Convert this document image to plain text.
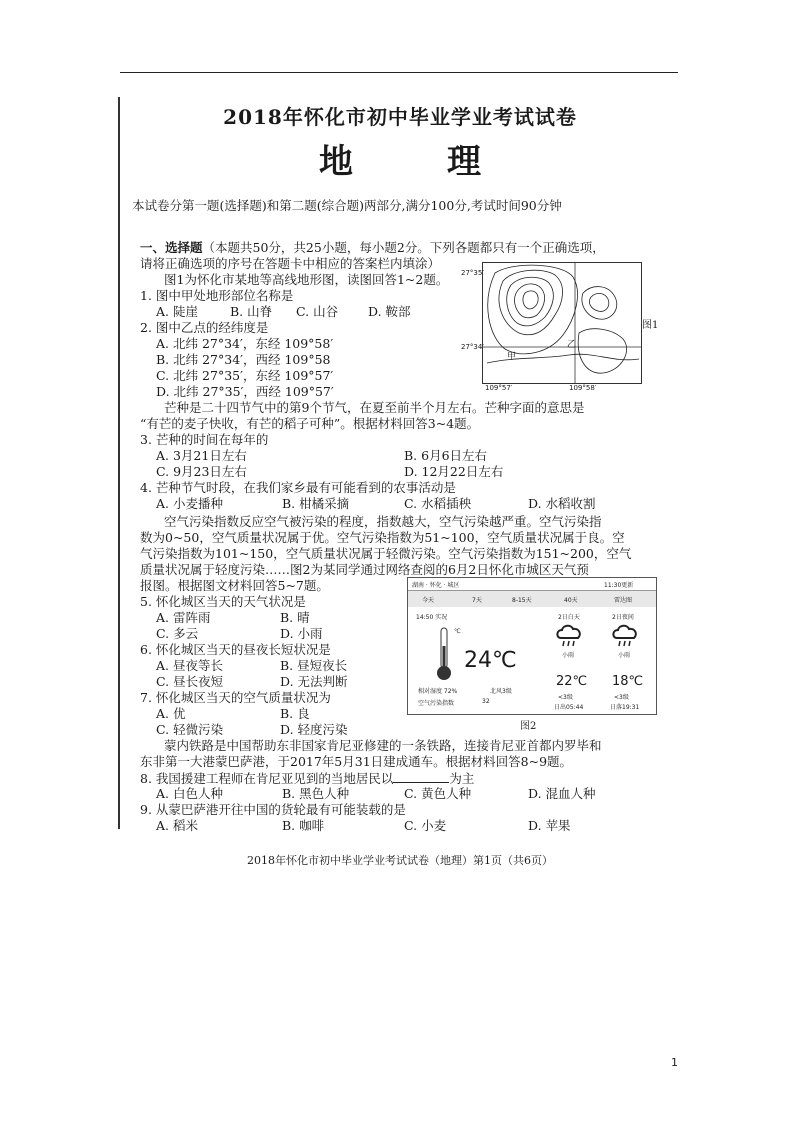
2018年怀化市初中毕业学业考试试卷
地　理
本试卷分第一题(选择题)和第二题(综合题)两部分,满分100分,考试时间90分钟
一、选择题（本题共50分，共25小题，每小题2分。下列各题都只有一个正确选项，
请将正确选项的序号在答题卡中相应的答案栏内填涂）
图1为怀化市某地等高线地形图，读图回答1~2题。
1. 图中甲处地形部位名称是
A. 陡崖	B. 山脊 C. 山谷 D. 鞍部
2. 图中乙点的经纬度是
A. 北纬 27°34′，东经 109°58′
B. 北纬 27°34′，西经 109°58
C. 北纬 27°35′，东经 109°57′
D. 北纬 27°35′，西经 109°57′
27°35′
27°34′
109°57′	109°58′
甲
乙
图1
芒种是二十四节气中的第9个节气，在夏至前半个月左右。芒种字面的意思是
“有芒的麦子快收，有芒的稻子可种”。根据材料回答3~4题。
3. 芒种的时间在每年的
A. 3月21日左右	B. 6月6日左右
C. 9月23日左右	D. 12月22日左右
4. 芒种节气时段，在我们家乡最有可能看到的农事活动是
A. 小麦播种	B. 柑橘采摘	C. 水稻插秧	D. 水稻收割
空气污染指数反应空气被污染的程度，指数越大，空气污染越严重。空气污染指
数为0~50，空气质量状况属于优。空气污染指数为51~100，空气质量状况属于良。空
气污染指数为101~150，空气质量状况属于轻微污染。空气污染指数为151~200，空气
质量状况属于轻度污染……图2为某同学通过网络查阅的6月2日怀化市城区天气预
报图。根据图文材料回答5~7题。
5. 怀化城区当天的天气状况是
A. 雷阵雨	B. 晴
C. 多云	D. 小雨
6. 怀化城区当天的昼夜长短状况是
A. 昼夜等长	B. 昼短夜长
C. 昼长夜短	D. 无法判断
7. 怀化城区当天的空气质量状况为
A. 优	B. 良
C. 轻微污染	D. 轻度污染
湖南 · 怀化 · 城区	11:30更新
今天	7天	8-15天	40天	雷达图
14:50 实况	2日白天	2日夜间
℃
24℃	小雨	小雨
22℃ 18℃
相对湿度 72%	北风3级
空气污染指数	32
<3级	<3级
日出05:44	日落19:31
图2
蒙内铁路是中国帮助东非国家肯尼亚修建的一条铁路，连接肯尼亚首都内罗毕和
东非第一大港蒙巴萨港，于2017年5月31日建成通车。根据材料回答8~9题。
8. 我国援建工程师在肯尼亚见到的当地居民以	为主
A. 白色人种	B. 黑色人种	C. 黄色人种	D. 混血人种
9. 从蒙巴萨港开往中国的货轮最有可能装载的是
A. 稻米	B. 咖啡	C. 小麦	D. 苹果
2018年怀化市初中毕业学业考试试卷（地理）第1页（共6页）
1
